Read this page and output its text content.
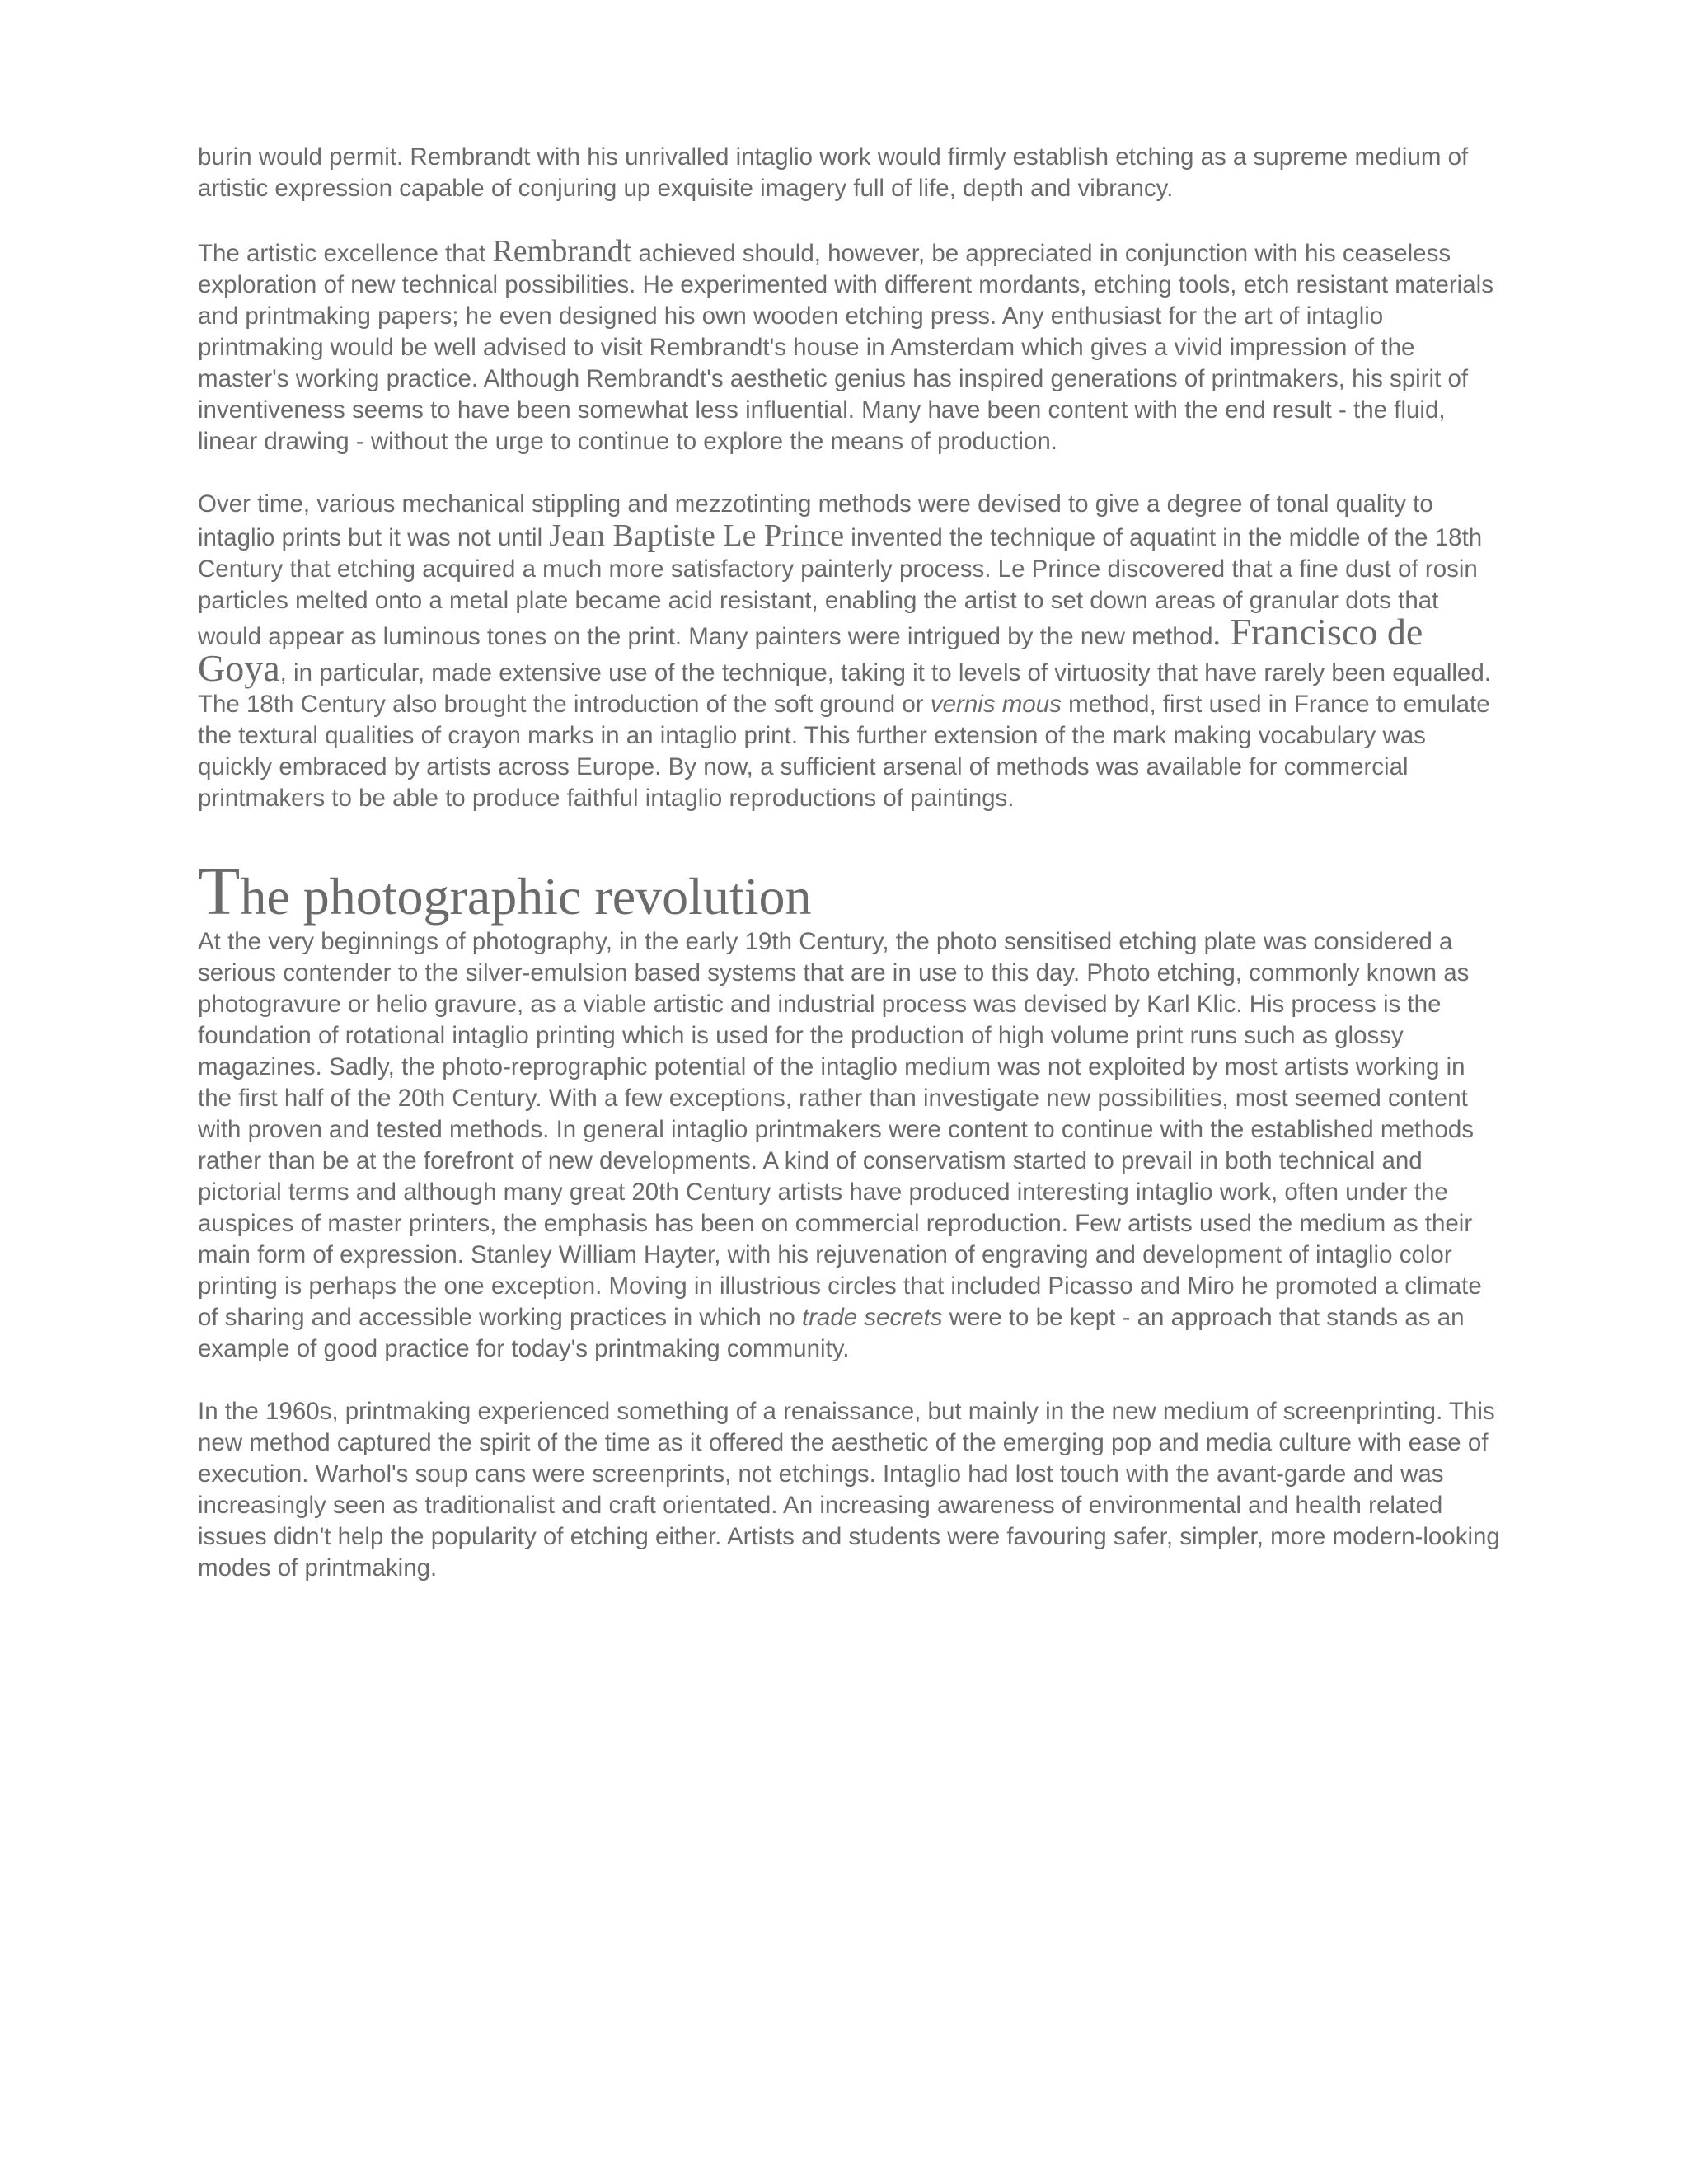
burin would permit. Rembrandt with his unrivalled intaglio work would firmly establish etching as a supreme medium of artistic expression capable of conjuring up exquisite imagery full of life, depth and vibrancy.

The artistic excellence that Rembrandt achieved should, however, be appreciated in conjunction with his ceaseless exploration of new technical possibilities. He experimented with different mordants, etching tools, etch resistant materials and printmaking papers; he even designed his own wooden etching press. Any enthusiast for the art of intaglio printmaking would be well advised to visit Rembrandt's house in Amsterdam which gives a vivid impression of the master's working practice. Although Rembrandt's aesthetic genius has inspired generations of printmakers, his spirit of inventiveness seems to have been somewhat less influential. Many have been content with the end result - the fluid, linear drawing - without the urge to continue to explore the means of production.

Over time, various mechanical stippling and mezzotinting methods were devised to give a degree of tonal quality to intaglio prints but it was not until Jean Baptiste Le Prince invented the technique of aquatint in the middle of the 18th Century that etching acquired a much more satisfactory painterly process. Le Prince discovered that a fine dust of rosin particles melted onto a metal plate became acid resistant, enabling the artist to set down areas of granular dots that would appear as luminous tones on the print. Many painters were intrigued by the new method. Francisco de Goya, in particular, made extensive use of the technique, taking it to levels of virtuosity that have rarely been equalled. The 18th Century also brought the introduction of the soft ground or vernis mous method, first used in France to emulate the textural qualities of crayon marks in an intaglio print. This further extension of the mark making vocabulary was quickly embraced by artists across Europe. By now, a sufficient arsenal of methods was available for commercial printmakers to be able to produce faithful intaglio reproductions of paintings.

The photographic revolution

At the very beginnings of photography, in the early 19th Century, the photo sensitised etching plate was considered a serious contender to the silver-emulsion based systems that are in use to this day. Photo etching, commonly known as photogravure or helio gravure, as a viable artistic and industrial process was devised by Karl Klic. His process is the foundation of rotational intaglio printing which is used for the production of high volume print runs such as glossy magazines. Sadly, the photo-reprographic potential of the intaglio medium was not exploited by most artists working in the first half of the 20th Century. With a few exceptions, rather than investigate new possibilities, most seemed content with proven and tested methods. In general intaglio printmakers were content to continue with the established methods rather than be at the forefront of new developments. A kind of conservatism started to prevail in both technical and pictorial terms and although many great 20th Century artists have produced interesting intaglio work, often under the auspices of master printers, the emphasis has been on commercial reproduction. Few artists used the medium as their main form of expression. Stanley William Hayter, with his rejuvenation of engraving and development of intaglio color printing is perhaps the one exception. Moving in illustrious circles that included Picasso and Miro he promoted a climate of sharing and accessible working practices in which no trade secrets were to be kept - an approach that stands as an example of good practice for today's printmaking community.

In the 1960s, printmaking experienced something of a renaissance, but mainly in the new medium of screenprinting. This new method captured the spirit of the time as it offered the aesthetic of the emerging pop and media culture with ease of execution. Warhol's soup cans were screenprints, not etchings. Intaglio had lost touch with the avant-garde and was increasingly seen as traditionalist and craft orientated. An increasing awareness of environmental and health related issues didn't help the popularity of etching either. Artists and students were favouring safer, simpler, more modern-looking modes of printmaking.
